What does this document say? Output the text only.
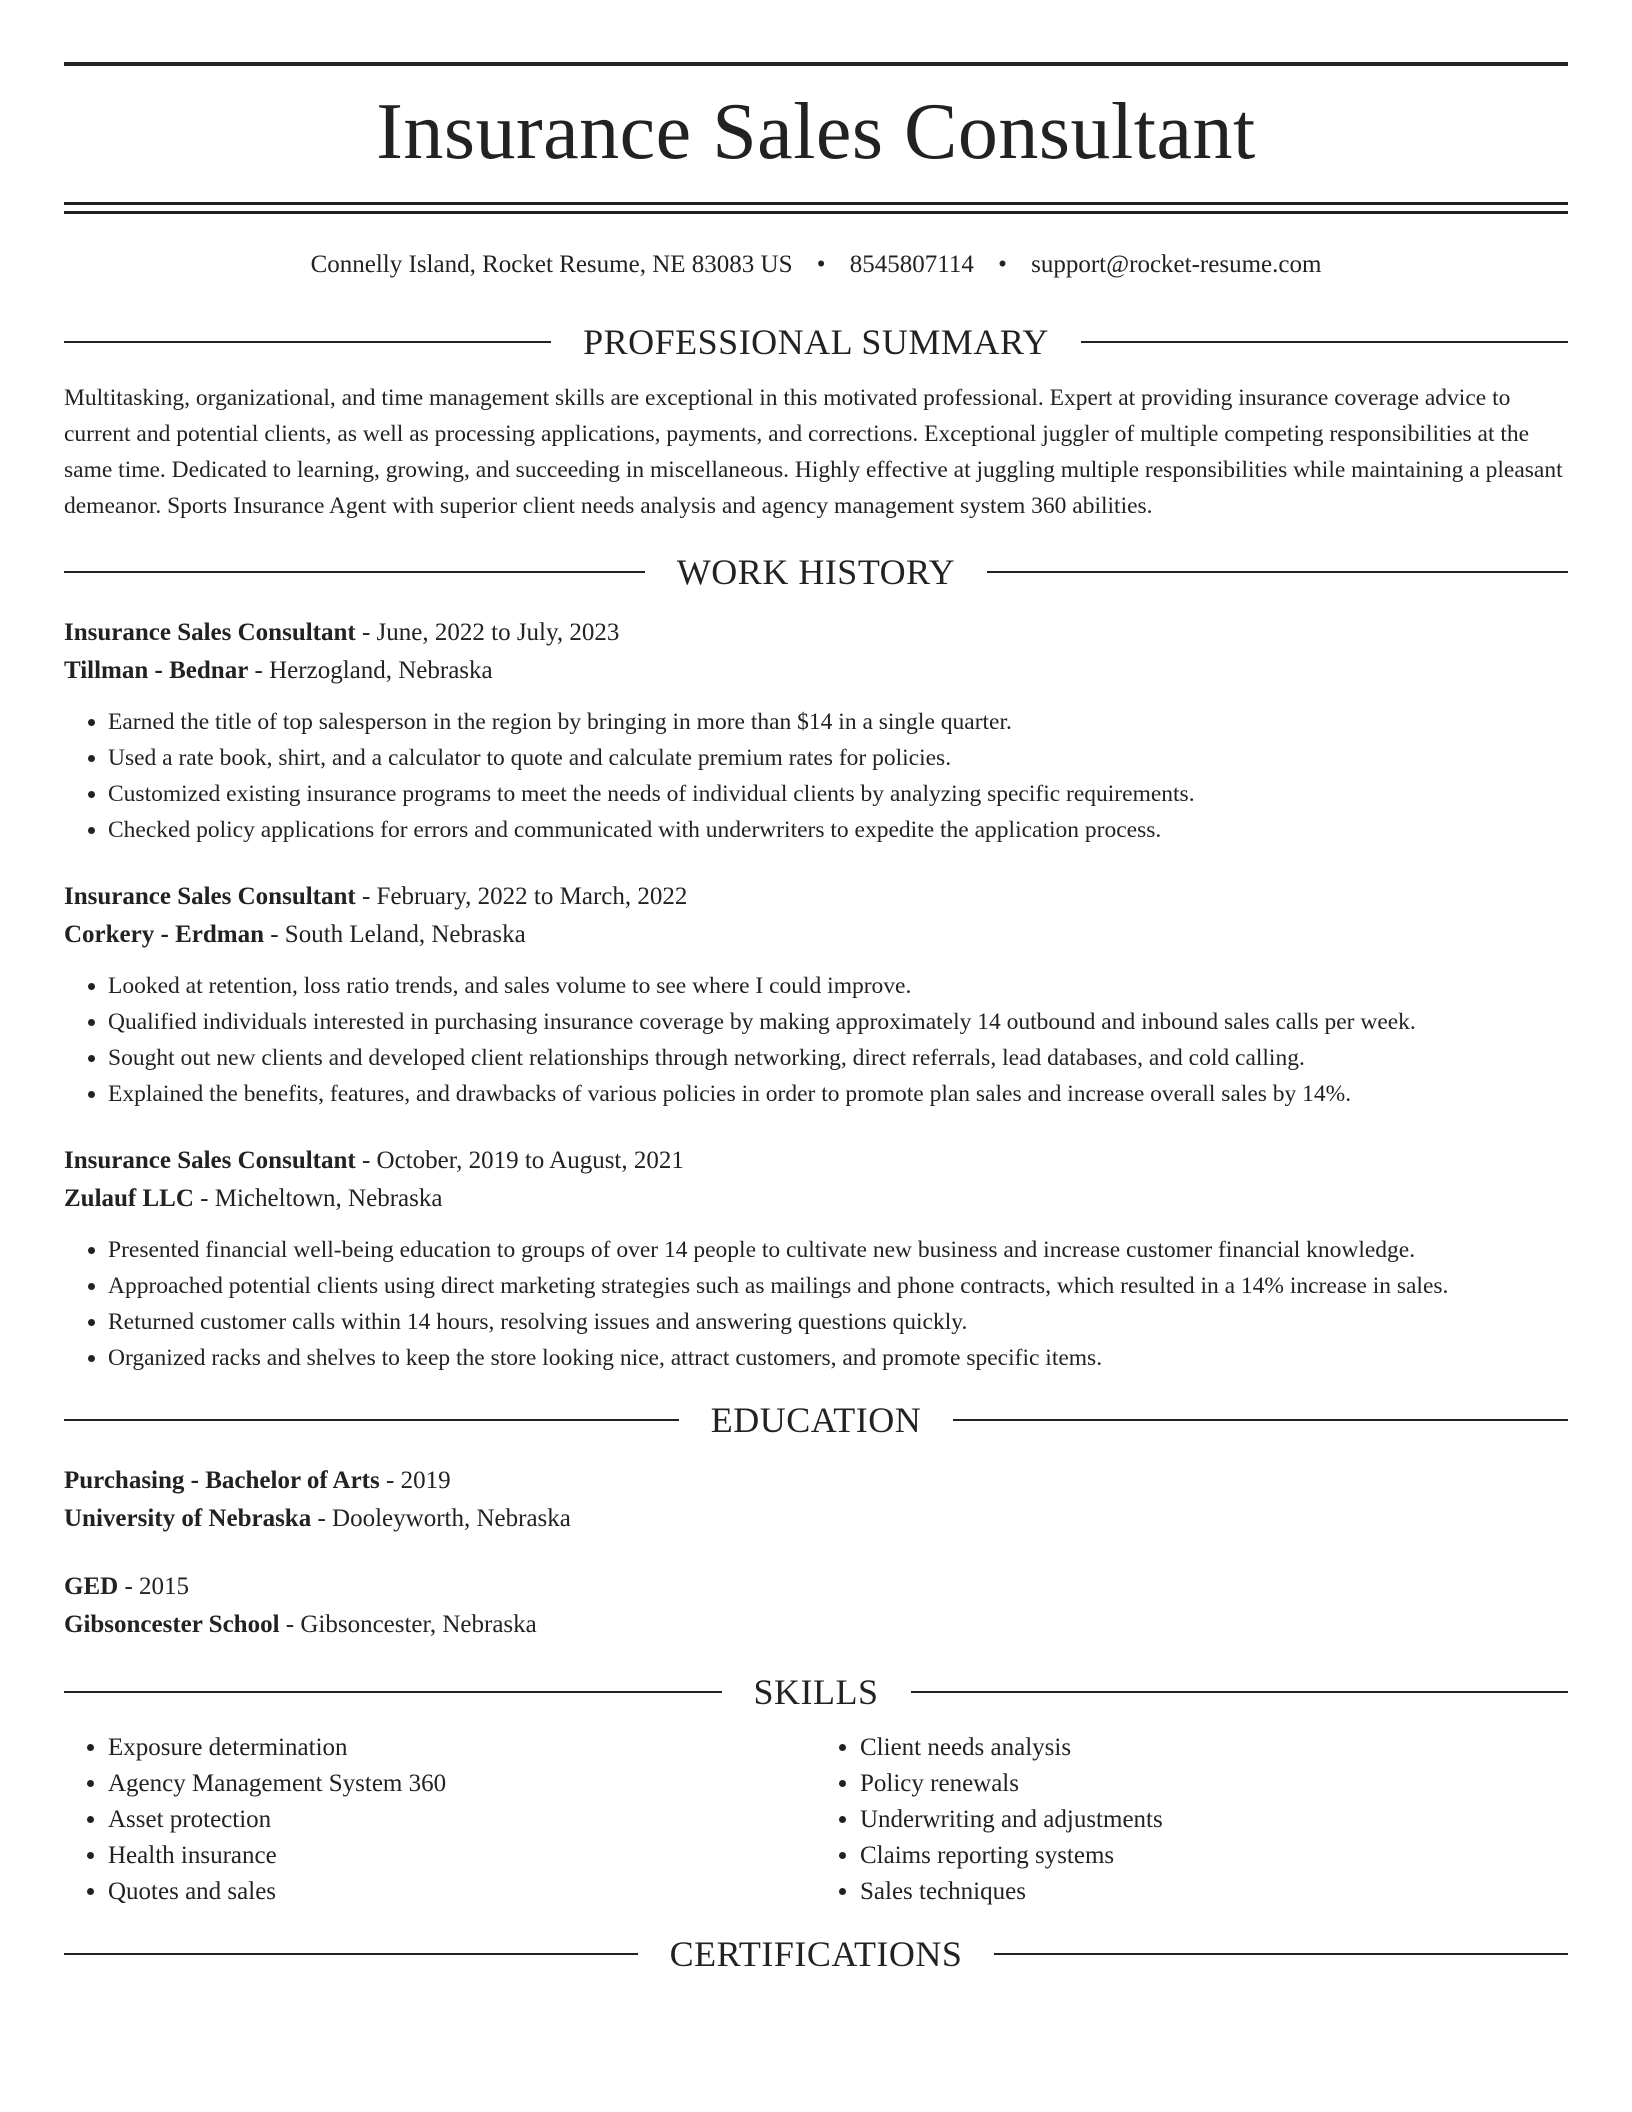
Insurance Sales Consultant
Connelly Island, Rocket Resume, NE 83083 US • 8545807114 • support@rocket-resume.com
PROFESSIONAL SUMMARY

Multitasking, organizational, and time management skills are exceptional in this motivated professional. Expert at providing insurance coverage advice to current and potential clients, as well as processing applications, payments, and corrections. Exceptional juggler of multiple competing responsibilities at the same time. Dedicated to learning, growing, and succeeding in miscellaneous. Highly effective at juggling multiple responsibilities while maintaining a pleasant demeanor. Sports Insurance Agent with superior client needs analysis and agency management system 360 abilities.

WORK HISTORY
Insurance Sales Consultant - June, 2022 to July, 2023
Tillman - Bednar - Herzogland, Nebraska
• Earned the title of top salesperson in the region by bringing in more than $14 in a single quarter.
• Used a rate book, shirt, and a calculator to quote and calculate premium rates for policies.
• Customized existing insurance programs to meet the needs of individual clients by analyzing specific requirements.
• Checked policy applications for errors and communicated with underwriters to expedite the application process.
Insurance Sales Consultant - February, 2022 to March, 2022
Corkery - Erdman - South Leland, Nebraska
• Looked at retention, loss ratio trends, and sales volume to see where I could improve.
• Qualified individuals interested in purchasing insurance coverage by making approximately 14 outbound and inbound sales calls per week.
• Sought out new clients and developed client relationships through networking, direct referrals, lead databases, and cold calling.
• Explained the benefits, features, and drawbacks of various policies in order to promote plan sales and increase overall sales by 14%.
Insurance Sales Consultant - October, 2019 to August, 2021
Zulauf LLC - Micheltown, Nebraska
• Presented financial well-being education to groups of over 14 people to cultivate new business and increase customer financial knowledge.
• Approached potential clients using direct marketing strategies such as mailings and phone contracts, which resulted in a 14% increase in sales.
• Returned customer calls within 14 hours, resolving issues and answering questions quickly.
• Organized racks and shelves to keep the store looking nice, attract customers, and promote specific items.
EDUCATION
Purchasing - Bachelor of Arts - 2019
University of Nebraska - Dooleyworth, Nebraska
GED - 2015
Gibsoncester School - Gibsoncester, Nebraska
SKILLS
• Exposure determination
• Agency Management System 360
• Asset protection
• Health insurance
• Quotes and sales
• Client needs analysis
• Policy renewals
• Underwriting and adjustments
• Claims reporting systems
• Sales techniques
CERTIFICATIONS
